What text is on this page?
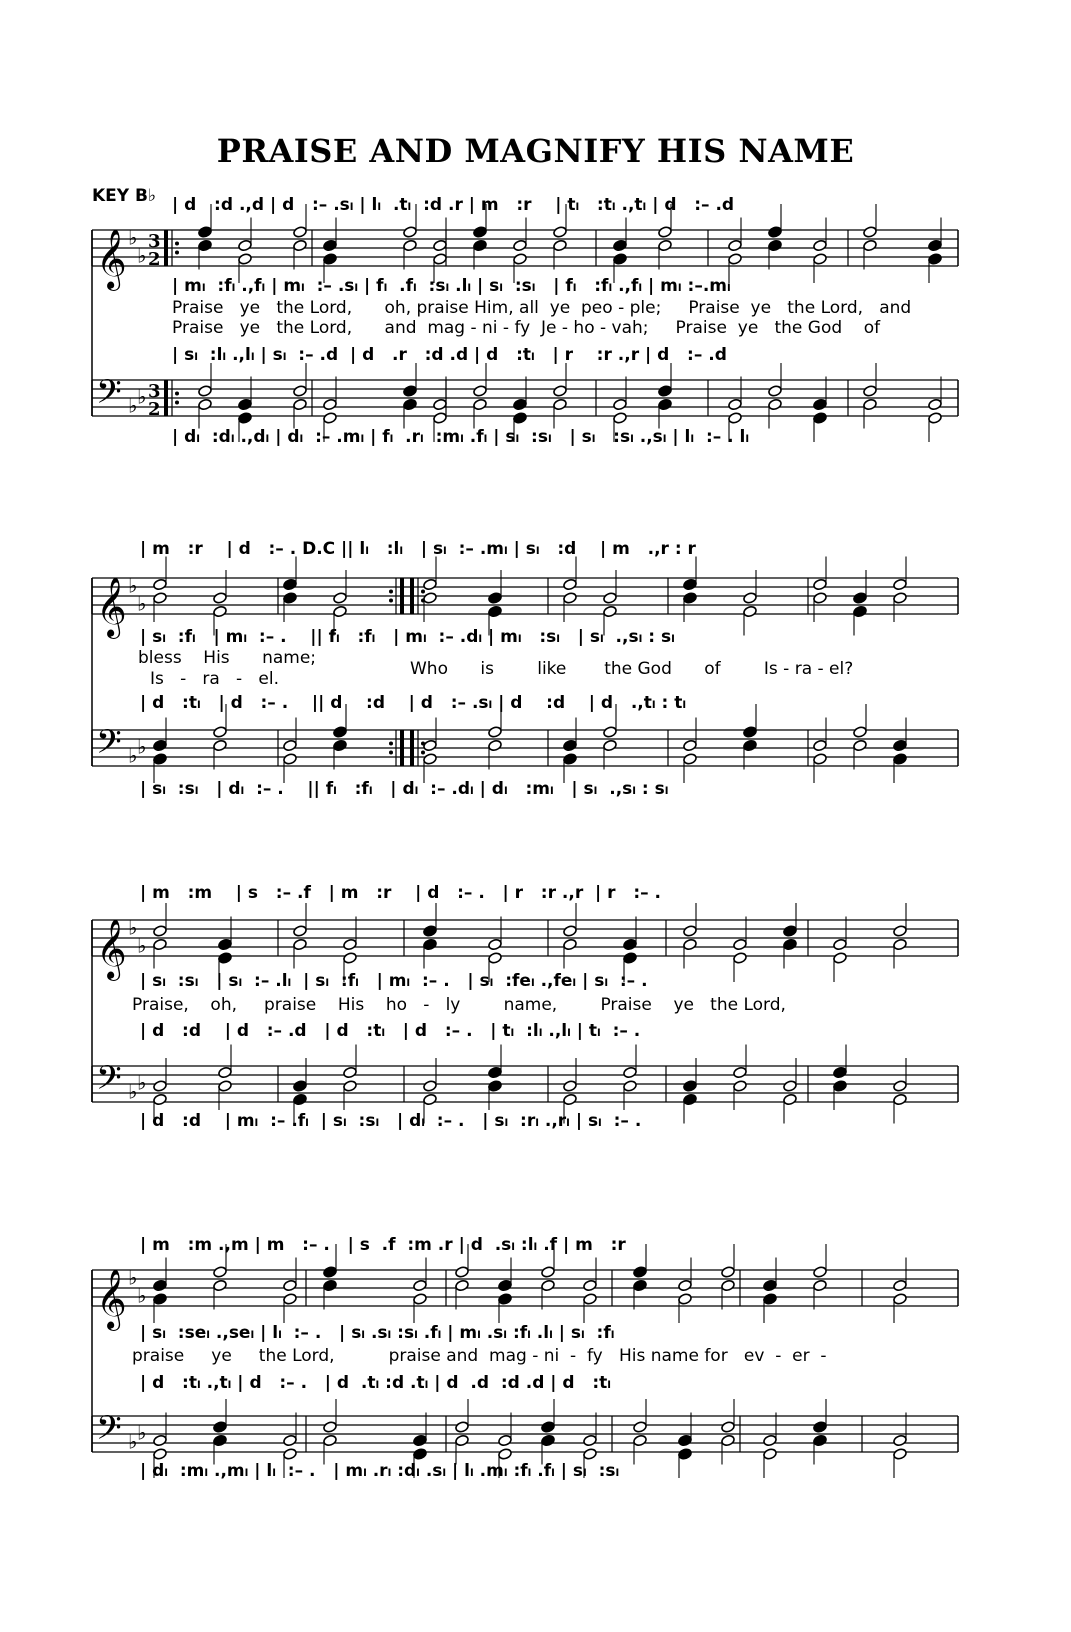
PRAISE AND MAGNIFY HIS NAME
KEY B♭ | d   :d .,d | d   :– .sₗ | lₗ  .tₗ  :d .r | m   :r    | tₗ   :tₗ .,tₗ | d   :– .d
| mₗ  :fₗ .,fₗ | mₗ  :– .sₗ | fₗ  .fₗ  :sₗ .lₗ | sₗ  :sₗ   | fₗ   :fₗ .,fₗ | mₗ :–.mₗ
Praise   ye   the Lord,      oh, praise Him, all  ye  peo - ple;     Praise  ye   the Lord,   and
Praise   ye   the Lord,      and  mag - ni - fy  Je - ho - vah;     Praise  ye   the God    of
| sₗ  :lₗ .,lₗ | sₗ  :– .d  | d   .r   :d .d | d   :tₗ   | r    :r .,r | d   :– .d
| dₗ  :dₗ .,dₗ | dₗ  :– .mₗ | fₗ  .rₗ  :mₗ .fₗ | sₗ  :sₗ   | sₗ   :sₗ .,sₗ | lₗ  :– . lₗ
| m   :r    | d   :– . D.C || lₗ   :lₗ   | sₗ  :– .mₗ | sₗ   :d    | m   .,r : r
| sₗ  :fₗ   | mₗ  :– .    || fₗ   :fₗ   | mₗ  :– .dₗ | mₗ   :sₗ   | sₗ  .,sₗ : sₗ
bless    His      name;
Is   -   ra   -   el.	Who      is        like       the God      of        Is - ra - el?
| d   :tₗ   | d   :– .    || d    :d    | d   :– .sₗ | d    :d    | d   .,tₗ : tₗ
| sₗ  :sₗ   | dₗ  :– .    || fₗ   :fₗ   | dₗ  :– .dₗ | dₗ   :mₗ   | sₗ  .,sₗ : sₗ
| m   :m    | s   :– .f   | m   :r    | d   :– .   | r   :r .,r  | r   :– .
| sₗ  :sₗ   | sₗ  :– .lₗ  | sₗ  :fₗ   | mₗ  :– .   | sₗ  :feₗ .,feₗ | sₗ  :– .
Praise,    oh,     praise    His    ho   -   ly        name,        Praise    ye   the Lord,
| d   :d    | d   :– .d   | d   :tₗ   | d   :– .   | tₗ  :lₗ .,lₗ | tₗ  :– .
| d   :d    | mₗ  :– .fₗ  | sₗ  :sₗ   | dₗ  :– .   | sₗ  :rₗ .,rₗ | sₗ  :– .
| m   :m .,m | m   :– .   | s  .f  :m .r | d  .sₗ :lₗ .f | m   :r
| sₗ  :seₗ .,seₗ | lₗ  :– .   | sₗ .sₗ :sₗ .fₗ | mₗ .sₗ :fₗ .lₗ | sₗ  :fₗ
praise     ye     the Lord,          praise and  mag - ni  -  fy   His name for   ev  -  er  -
| d   :tₗ .,tₗ | d   :– .   | d  .tₗ :d .tₗ | d  .d  :d .d | d   :tₗ
| dₗ  :mₗ .,mₗ | lₗ  :– .   | mₗ .rₗ :dₗ .sₗ | lₗ .mₗ :fₗ .fₗ | sₗ  :sₗ
𝄞 ♭
♭
3
2
𝄢 ♭ ♭ 3
2
𝄞 ♭
♭
𝄢 ♭ ♭
𝄞 ♭
♭
𝄢 ♭ ♭
𝄞 ♭
♭
𝄢 ♭ ♭
